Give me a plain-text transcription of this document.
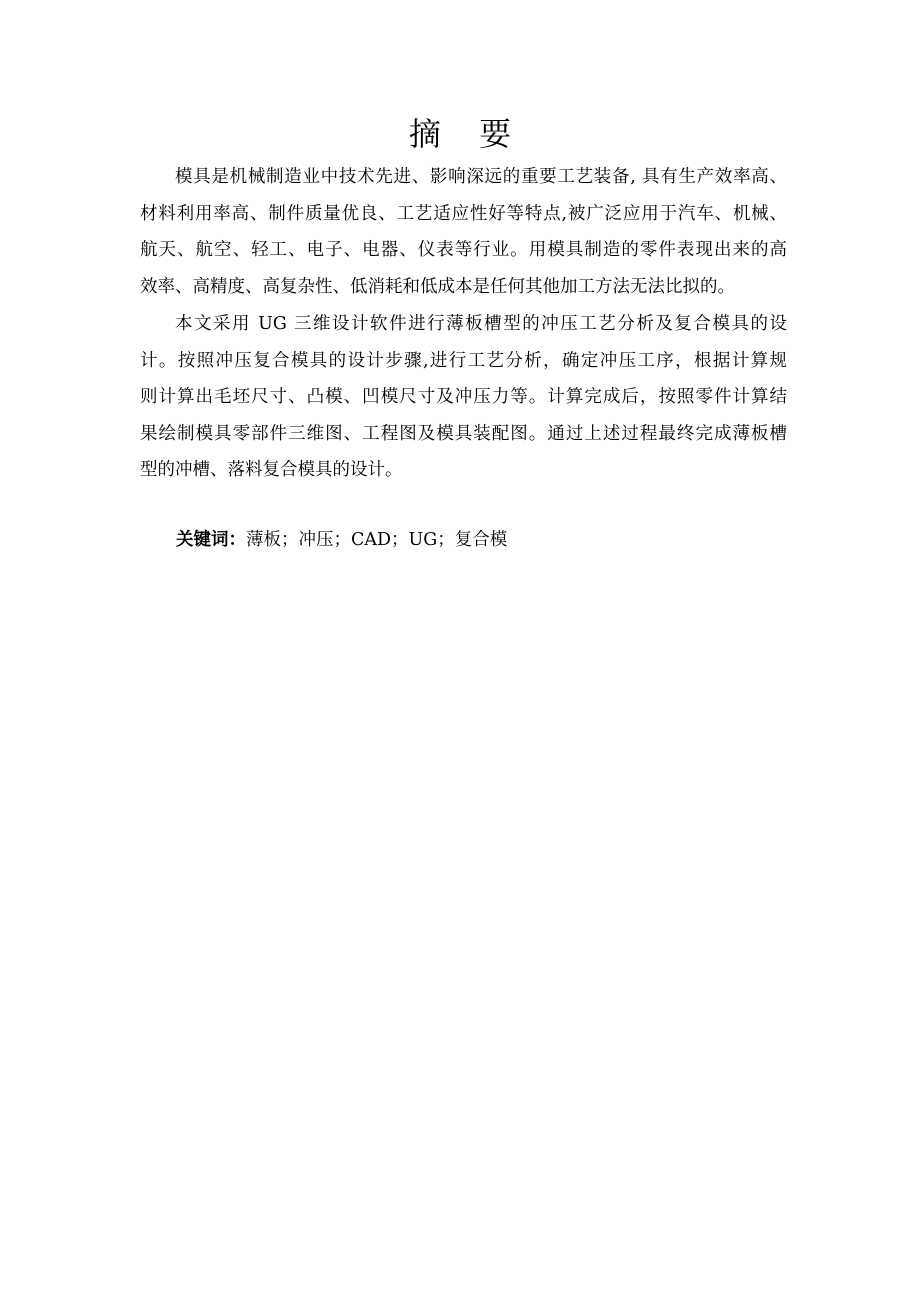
摘 要
模具是机械制造业中技术先进、影响深远的重要工艺装备, 具有生产效率高、
材料利用率高、制件质量优良、工艺适应性好等特点,被广泛应用于汽车、机械、
航天、航空、轻工、电子、电器、仪表等行业。用模具制造的零件表现出来的高
效率、高精度、高复杂性、低消耗和低成本是任何其他加工方法无法比拟的。
本文采用 UG 三维设计软件进行薄板槽型的冲压工艺分析及复合模具的设
计。按照冲压复合模具的设计步骤,进行工艺分析，确定冲压工序，根据计算规
则计算出毛坯尺寸、凸模、凹模尺寸及冲压力等。计算完成后，按照零件计算结
果绘制模具零部件三维图、工程图及模具装配图。通过上述过程最终完成薄板槽
型的冲槽、落料复合模具的设计。

关键词：薄板；冲压；CAD；UG；复合模
